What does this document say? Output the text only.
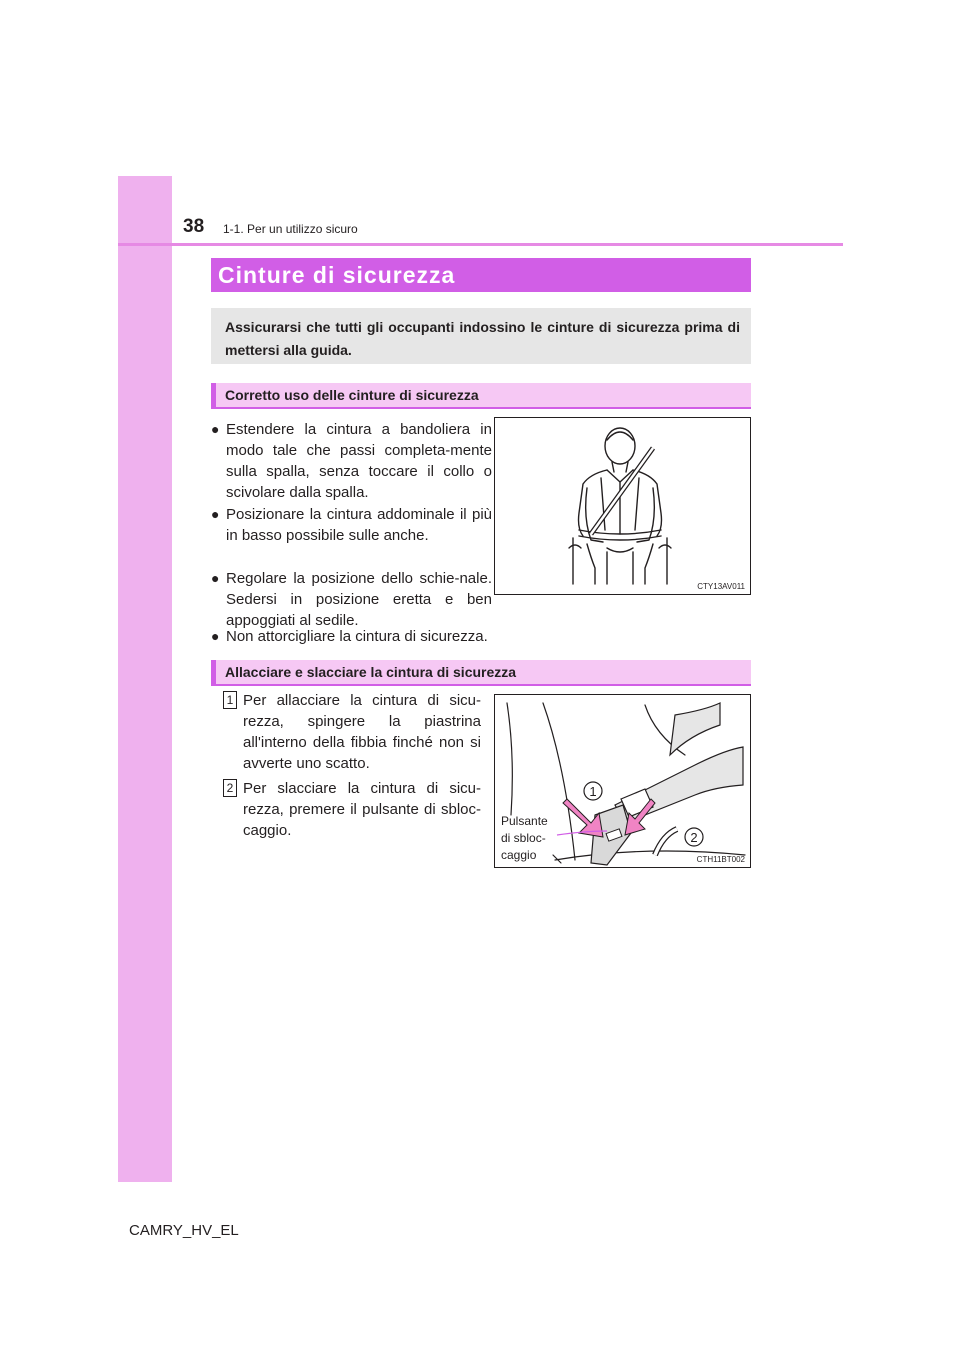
38 1-1. Per un utilizzo sicuro
Cinture di sicurezza
Assicurarsi che tutti gli occupanti indossino le cinture di sicurezza prima di mettersi alla guida.
Corretto uso delle cinture di sicurezza
● Estendere la cintura a bandoliera in modo tale che passi completa-mente sulla spalla, senza toccare il collo o scivolare dalla spalla.
● Posizionare la cintura addominale il più in basso possibile sulle anche.
● Regolare la posizione dello schie-nale. Sedersi in posizione eretta e ben appoggiati al sedile.
● Non attorcigliare la cintura di sicurezza.
CTY13AV011
Allacciare e slacciare la cintura di sicurezza
1 Per allacciare la cintura di sicu-rezza, spingere la piastrina all'interno della fibbia finché non si avverte uno scatto.
2 Per slacciare la cintura di sicu-rezza, premere il pulsante di sbloc-caggio.
1
2
Pulsante
di sbloc-
caggio	CTH11BT002
CAMRY_HV_EL
